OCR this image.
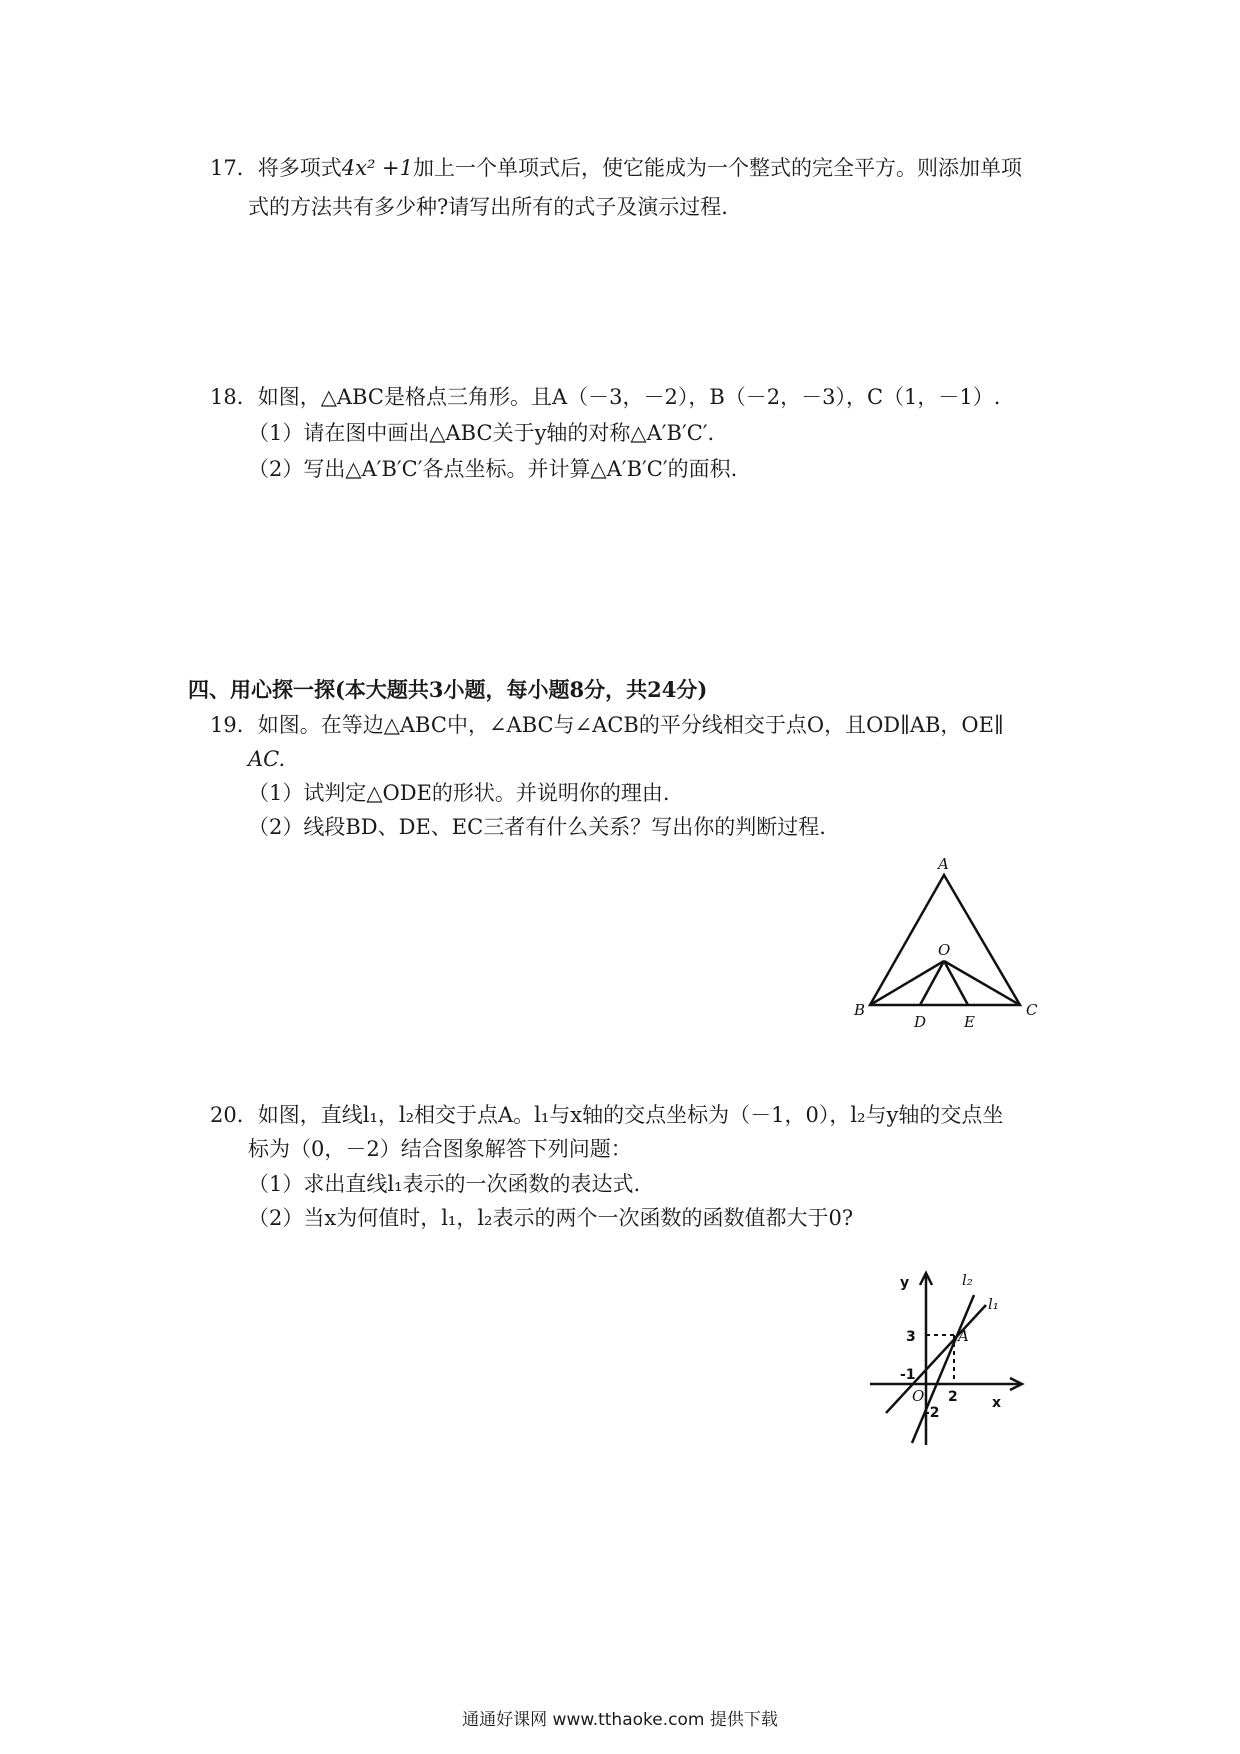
17．将多项式4x² +1加上一个单项式后，使它能成为一个整式的完全平方。则添加单项
式的方法共有多少种?请写出所有的式子及演示过程.
18．如图，△ABC是格点三角形。且A（－3，－2），B（－2，－3），C（1，－1）.
（1）请在图中画出△ABC关于y轴的对称△A′B′C′.
（2）写出△A′B′C′各点坐标。并计算△A′B′C′的面积.
四、用心探一探(本大题共3小题，每小题8分，共24分)
19．如图。在等边△ABC中，∠ABC与∠ACB的平分线相交于点O，且OD∥AB，OE∥
AC.
（1）试判定△ODE的形状。并说明你的理由.
（2）线段BD、DE、EC三者有什么关系？写出你的判断过程.
A
B	C
O
D	E
20．如图，直线l₁，l₂相交于点A。l₁与x轴的交点坐标为（－1，0），l₂与y轴的交点坐
标为（0，－2）结合图象解答下列问题：
（1）求出直线l₁表示的一次函数的表达式.
（2）当x为何值时，l₁，l₂表示的两个一次函数的函数值都大于0?
y
x
3
2
-1
-2
O
A
l₂
l₁
通通好课网 www.tthaoke.com 提供下载
